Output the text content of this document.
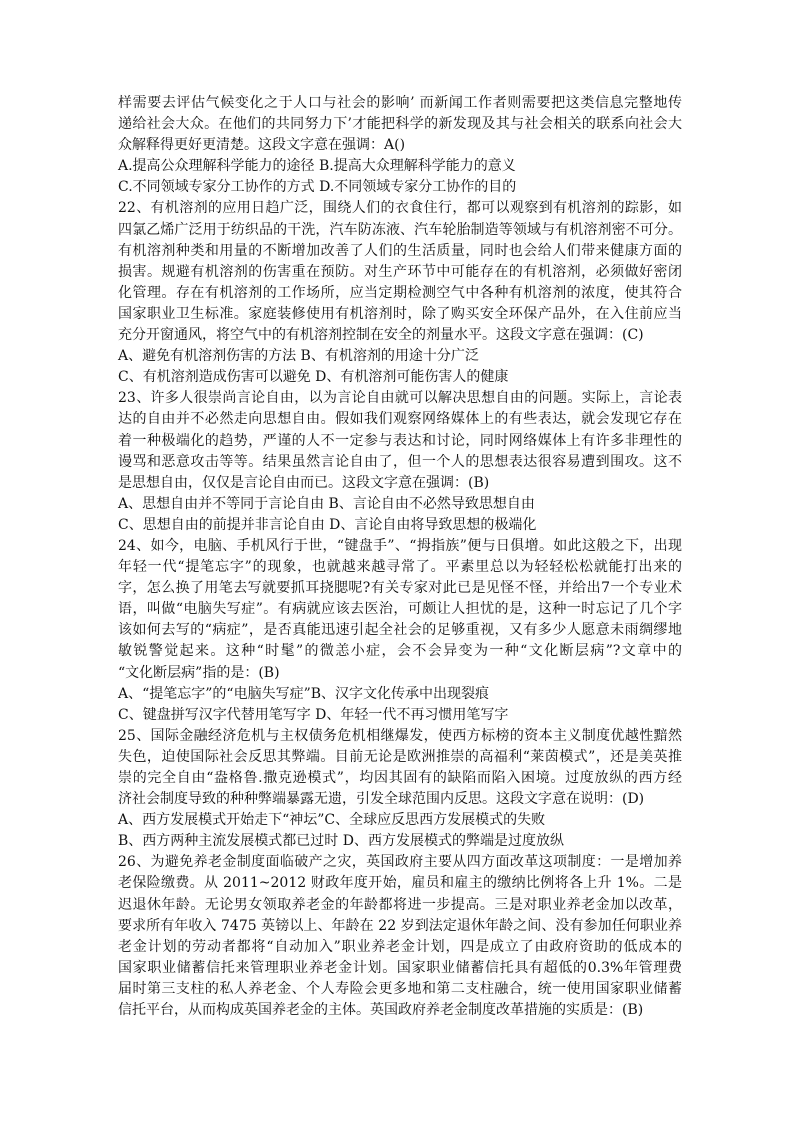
样需要去评估气候变化之于人口与社会的影响’ 而新闻工作者则需要把这类信息完整地传
递给社会大众。在他们的共同努力下’才能把科学的新发现及其与社会相关的联系向社会大
众解释得更好更清楚。这段文字意在强调：A()
A.提高公众理解科学能力的途径 B.提高大众理解科学能力的意义
C.不同领域专家分工协作的方式 D.不同领域专家分工协作的目的
22、有机溶剂的应用日趋广泛，围绕人们的衣食住行，都可以观察到有机溶剂的踪影，如
四氯乙烯广泛用于纺织品的干洗，汽车防冻液、汽车轮胎制造等领域与有机溶剂密不可分。
有机溶剂种类和用量的不断增加改善了人们的生活质量，同时也会给人们带来健康方面的
损害。规避有机溶剂的伤害重在预防。对生产环节中可能存在的有机溶剂，必须做好密闭
化管理。存在有机溶剂的工作场所，应当定期检测空气中各种有机溶剂的浓度，使其符合
国家职业卫生标准。家庭装修使用有机溶剂时，除了购买安全环保产品外，在入住前应当
充分开窗通风，将空气中的有机溶剂控制在安全的剂量水平。这段文字意在强调：(C)
A、避免有机溶剂伤害的方法 B、有机溶剂的用途十分广泛
C、有机溶剂造成伤害可以避免 D、有机溶剂可能伤害人的健康
23、许多人很崇尚言论自由，以为言论自由就可以解决思想自由的问题。实际上，言论表
达的自由并不必然走向思想自由。假如我们观察网络媒体上的有些表达，就会发现它存在
着一种极端化的趋势，严谨的人不一定参与表达和讨论，同时网络媒体上有许多非理性的
谩骂和恶意攻击等等。结果虽然言论自由了，但一个人的思想表达很容易遭到围攻。这不
是思想自由，仅仅是言论自由而已。这段文字意在强调：(B)
A、思想自由并不等同于言论自由 B、言论自由不必然导致思想自由
C、思想自由的前提并非言论自由 D、言论自由将导致思想的极端化
24、如今，电脑、手机风行于世，“键盘手”、“拇指族”便与日俱增。如此这般之下，出现
年轻一代“提笔忘字”的现象，也就越来越寻常了。平素里总以为轻轻松松就能打出来的
字，怎么换了用笔去写就要抓耳挠腮呢?有关专家对此已是见怪不怪，并给出7一个专业术
语，叫做“电脑失写症”。有病就应该去医治，可颇让人担忧的是，这种一时忘记了几个字
该如何去写的“病症”，是否真能迅速引起全社会的足够重视，又有多少人愿意未雨绸缪地
敏锐警觉起来。这种“时髦”的微恙小症，会不会异变为一种“文化断层病”?文章中的
“文化断层病”指的是：(B)
A、“提笔忘字”的“电脑失写症”B、汉字文化传承中出现裂痕
C、键盘拼写汉字代替用笔写字 D、年轻一代不再习惯用笔写字
25、国际金融经济危机与主权债务危机相继爆发，使西方标榜的资本主义制度优越性黯然
失色，迫使国际社会反思其弊端。目前无论是欧洲推崇的高福利“莱茵模式”，还是美英推
崇的完全自由“盎格鲁.撒克逊模式”，均因其固有的缺陷而陷入困境。过度放纵的西方经
济社会制度导致的种种弊端暴露无遗，引发全球范围内反思。这段文字意在说明：(D)
A、西方发展模式开始走下“神坛”C、全球应反思西方发展模式的失败
B、西方两种主流发展模式都已过时 D、西方发展模式的弊端是过度放纵
26、为避免养老金制度面临破产之灾，英国政府主要从四方面改革这项制度：一是增加养
老保险缴费。从 2011~2012 财政年度开始，雇员和雇主的缴纳比例将各上升 1%。二是
迟退休年龄。无论男女领取养老金的年龄都将进一步提高。三是对职业养老金加以改革，
要求所有年收入 7475 英镑以上、年龄在 22 岁到法定退休年龄之间、没有参加任何职业养
老金计划的劳动者都将“自动加入”职业养老金计划，四是成立了由政府资助的低成本的
国家职业储蓄信托来管理职业养老金计划。国家职业储蓄信托具有超低的0.3%年管理费
届时第三支柱的私人养老金、个人寿险会更多地和第二支柱融合，统一使用国家职业储蓄
信托平台，从而构成英国养老金的主体。英国政府养老金制度改革措施的实质是：(B)
